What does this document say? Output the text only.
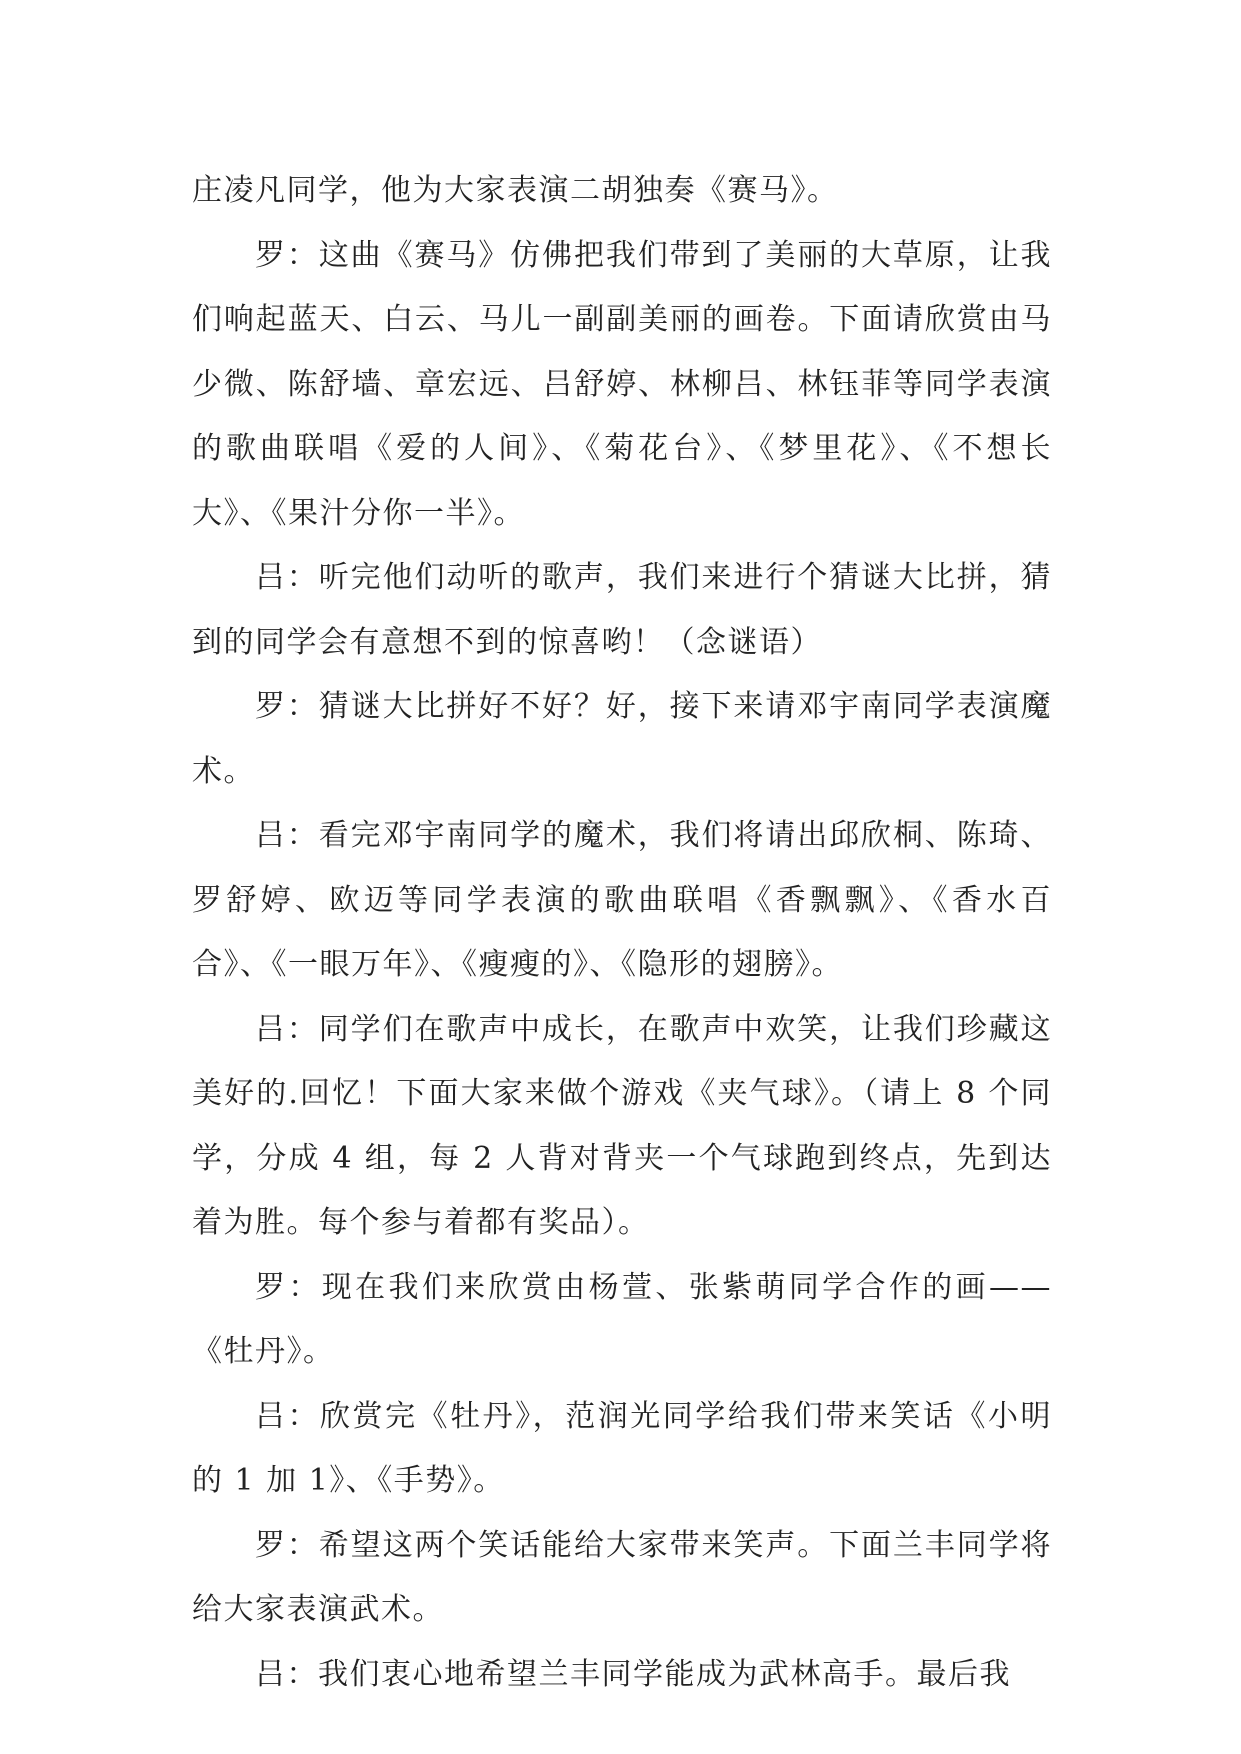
庄凌凡同学，他为大家表演二胡独奏《赛马》。

罗：这曲《赛马》仿佛把我们带到了美丽的大草原，让我们响起蓝天、白云、马儿一副副美丽的画卷。下面请欣赏由马少微、陈舒墙、章宏远、吕舒婷、林柳吕、林钰菲等同学表演的歌曲联唱《爱的人间》、《菊花台》、《梦里花》、《不想长大》、《果汁分你一半》。

吕：听完他们动听的歌声，我们来进行个猜谜大比拼，猜到的同学会有意想不到的惊喜哟！（念谜语）

罗：猜谜大比拼好不好？好，接下来请邓宇南同学表演魔术。

吕：看完邓宇南同学的魔术，我们将请出邱欣桐、陈琦、罗舒婷、欧迈等同学表演的歌曲联唱《香飘飘》、《香水百合》、《一眼万年》、《瘦瘦的》、《隐形的翅膀》。

吕：同学们在歌声中成长，在歌声中欢笑，让我们珍藏这美好的.回忆！下面大家来做个游戏《夹气球》。（请上 8 个同学，分成 4 组，每 2 人背对背夹一个气球跑到终点，先到达着为胜。每个参与着都有奖品）。

罗：现在我们来欣赏由杨萱、张紫萌同学合作的画——《牡丹》。

吕：欣赏完《牡丹》，范润光同学给我们带来笑话《小明的 1 加 1》、《手势》。

罗：希望这两个笑话能给大家带来笑声。下面兰丰同学将给大家表演武术。

吕：我们衷心地希望兰丰同学能成为武林高手。最后我
